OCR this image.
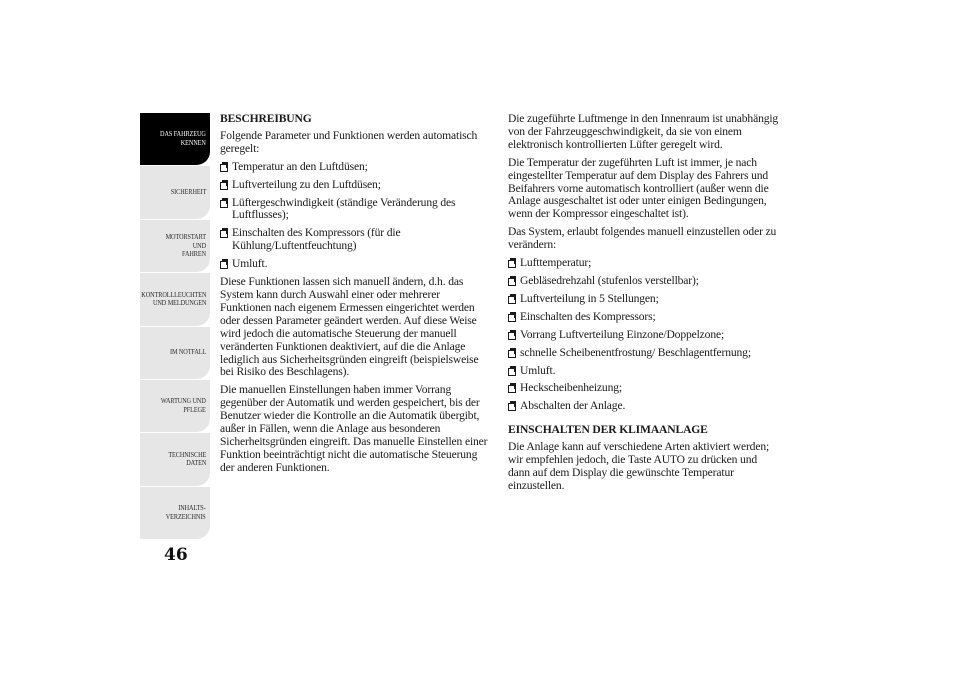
DAS FAHRZEUG
KENNEN
SICHERHEIT
MOTORSTART UND
FAHREN
KONTROLLLEUCHTEN
UND MELDUNGEN
IM NOTFALL
WARTUNG UND
PFLEGE
TECHNISCHE
DATEN
INHALTS-
VERZEICHNIS
46
BESCHREIBUNG

Folgende Parameter und Funktionen werden automatisch geregelt:

Temperatur an den Luftdüsen;
Luftverteilung zu den Luftdüsen;
Lüftergeschwindigkeit (ständige Veränderung des Luftflusses);
Einschalten des Kompressors (für die Kühlung/Luftentfeuchtung)
Umluft.

Diese Funktionen lassen sich manuell ändern, d.h. das System kann durch Auswahl einer oder mehrerer Funktionen nach eigenem Ermessen eingerichtet werden oder dessen Parameter geändert werden. Auf diese Weise wird jedoch die automatische Steuerung der manuell veränderten Funktionen deaktiviert, auf die die Anlage lediglich aus Sicherheitsgründen eingreift (beispielsweise bei Risiko des Beschlagens).

Die manuellen Einstellungen haben immer Vorrang gegenüber der Automatik und werden gespeichert, bis der Benutzer wieder die Kontrolle an die Automatik übergibt, außer in Fällen, wenn die Anlage aus besonderen Sicherheitsgründen eingreift. Das manuelle Einstellen einer Funktion beeinträchtigt nicht die automatische Steuerung der anderen Funktionen.

Die zugeführte Luftmenge in den Innenraum ist unabhängig von der Fahrzeuggeschwindigkeit, da sie von einem elektronisch kontrollierten Lüfter geregelt wird.

Die Temperatur der zugeführten Luft ist immer, je nach eingestellter Temperatur auf dem Display des Fahrers und Beifahrers vorne automatisch kontrolliert (außer wenn die Anlage ausgeschaltet ist oder unter einigen Bedingungen, wenn der Kompressor eingeschaltet ist).

Das System, erlaubt folgendes manuell einzustellen oder zu verändern:

Lufttemperatur;
Gebläsedrehzahl (stufenlos verstellbar);
Luftverteilung in 5 Stellungen;
Einschalten des Kompressors;
Vorrang Luftverteilung Einzone/Doppelzone;
schnelle Scheibenentfrostung/ Beschlagentfernung;
Umluft.
Heckscheibenheizung;
Abschalten der Anlage.
EINSCHALTEN DER KLIMAANLAGE

Die Anlage kann auf verschiedene Arten aktiviert werden; wir empfehlen jedoch, die Taste AUTO zu drücken und dann auf dem Display die gewünschte Temperatur einzustellen.
